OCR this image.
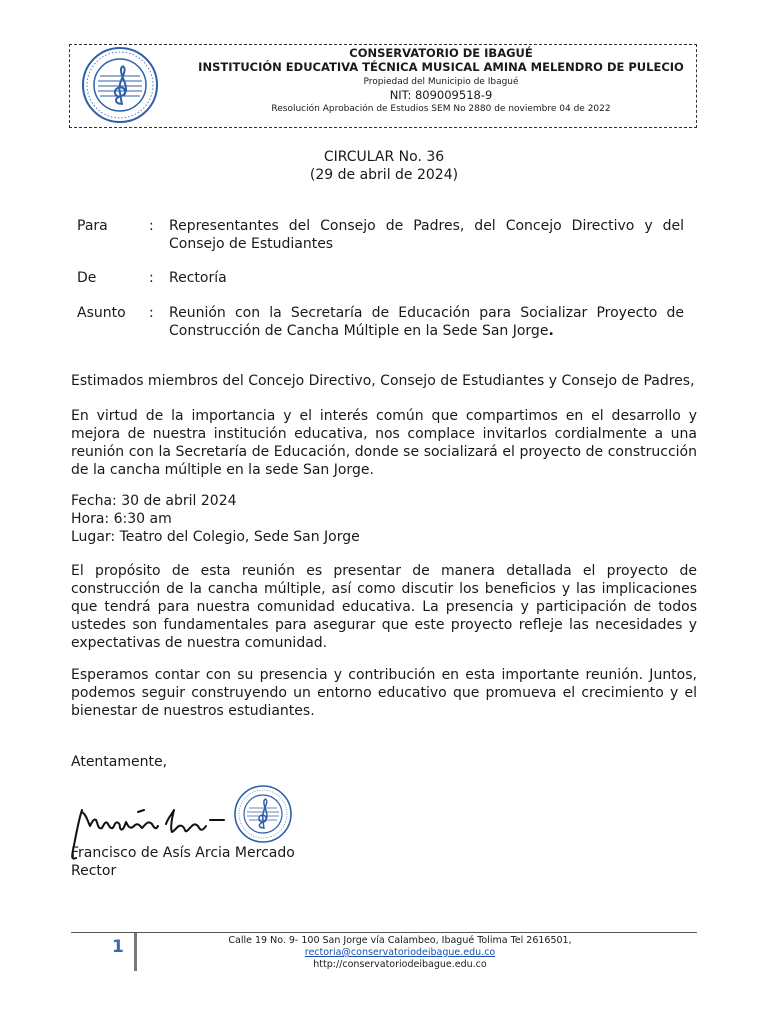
CONSERVATORIO DE IBAGUÉ
INSTITUCIÓN EDUCATIVA TÉCNICA MUSICAL AMINA MELENDRO DE PULECIO
Propiedad del Municipio de Ibagué
NIT: 809009518-9
Resolución Aprobación de Estudios SEM No 2880 de noviembre 04 de 2022
CIRCULAR No. 36
(29 de abril de 2024)
Para	: Representantes del Consejo de Padres, del Concejo Directivo y del Consejo de Estudiantes
De	: Rectoría
Asunto	: Reunión con la Secretaría de Educación para Socializar Proyecto de Construcción de Cancha Múltiple en la Sede San Jorge.

Estimados miembros del Concejo Directivo, Consejo de Estudiantes y Consejo de Padres,

En virtud de la importancia y el interés común que compartimos en el desarrollo y mejora de nuestra institución educativa, nos complace invitarlos cordialmente a una reunión con la Secretaría de Educación, donde se socializará el proyecto de construcción de la cancha múltiple en la sede San Jorge.

Fecha: 30 de abril 2024

Hora: 6:30 am

Lugar: Teatro del Colegio, Sede San Jorge

El propósito de esta reunión es presentar de manera detallada el proyecto de construcción de la cancha múltiple, así como discutir los beneficios y las implicaciones que tendrá para nuestra comunidad educativa. La presencia y participación de todos ustedes son fundamentales para asegurar que este proyecto refleje las necesidades y expectativas de nuestra comunidad.

Esperamos contar con su presencia y contribución en esta importante reunión. Juntos, podemos seguir construyendo un entorno educativo que promueva el crecimiento y el bienestar de nuestros estudiantes.

Atentamente,

Francisco de Asís Arcia Mercado
Rector
1	Calle 19 No. 9- 100 San Jorge vía Calambeo, Ibagué Tolima Tel 2616501,
rectoria@conservatoriodeibague.edu.co
http://conservatoriodeibague.edu.co
